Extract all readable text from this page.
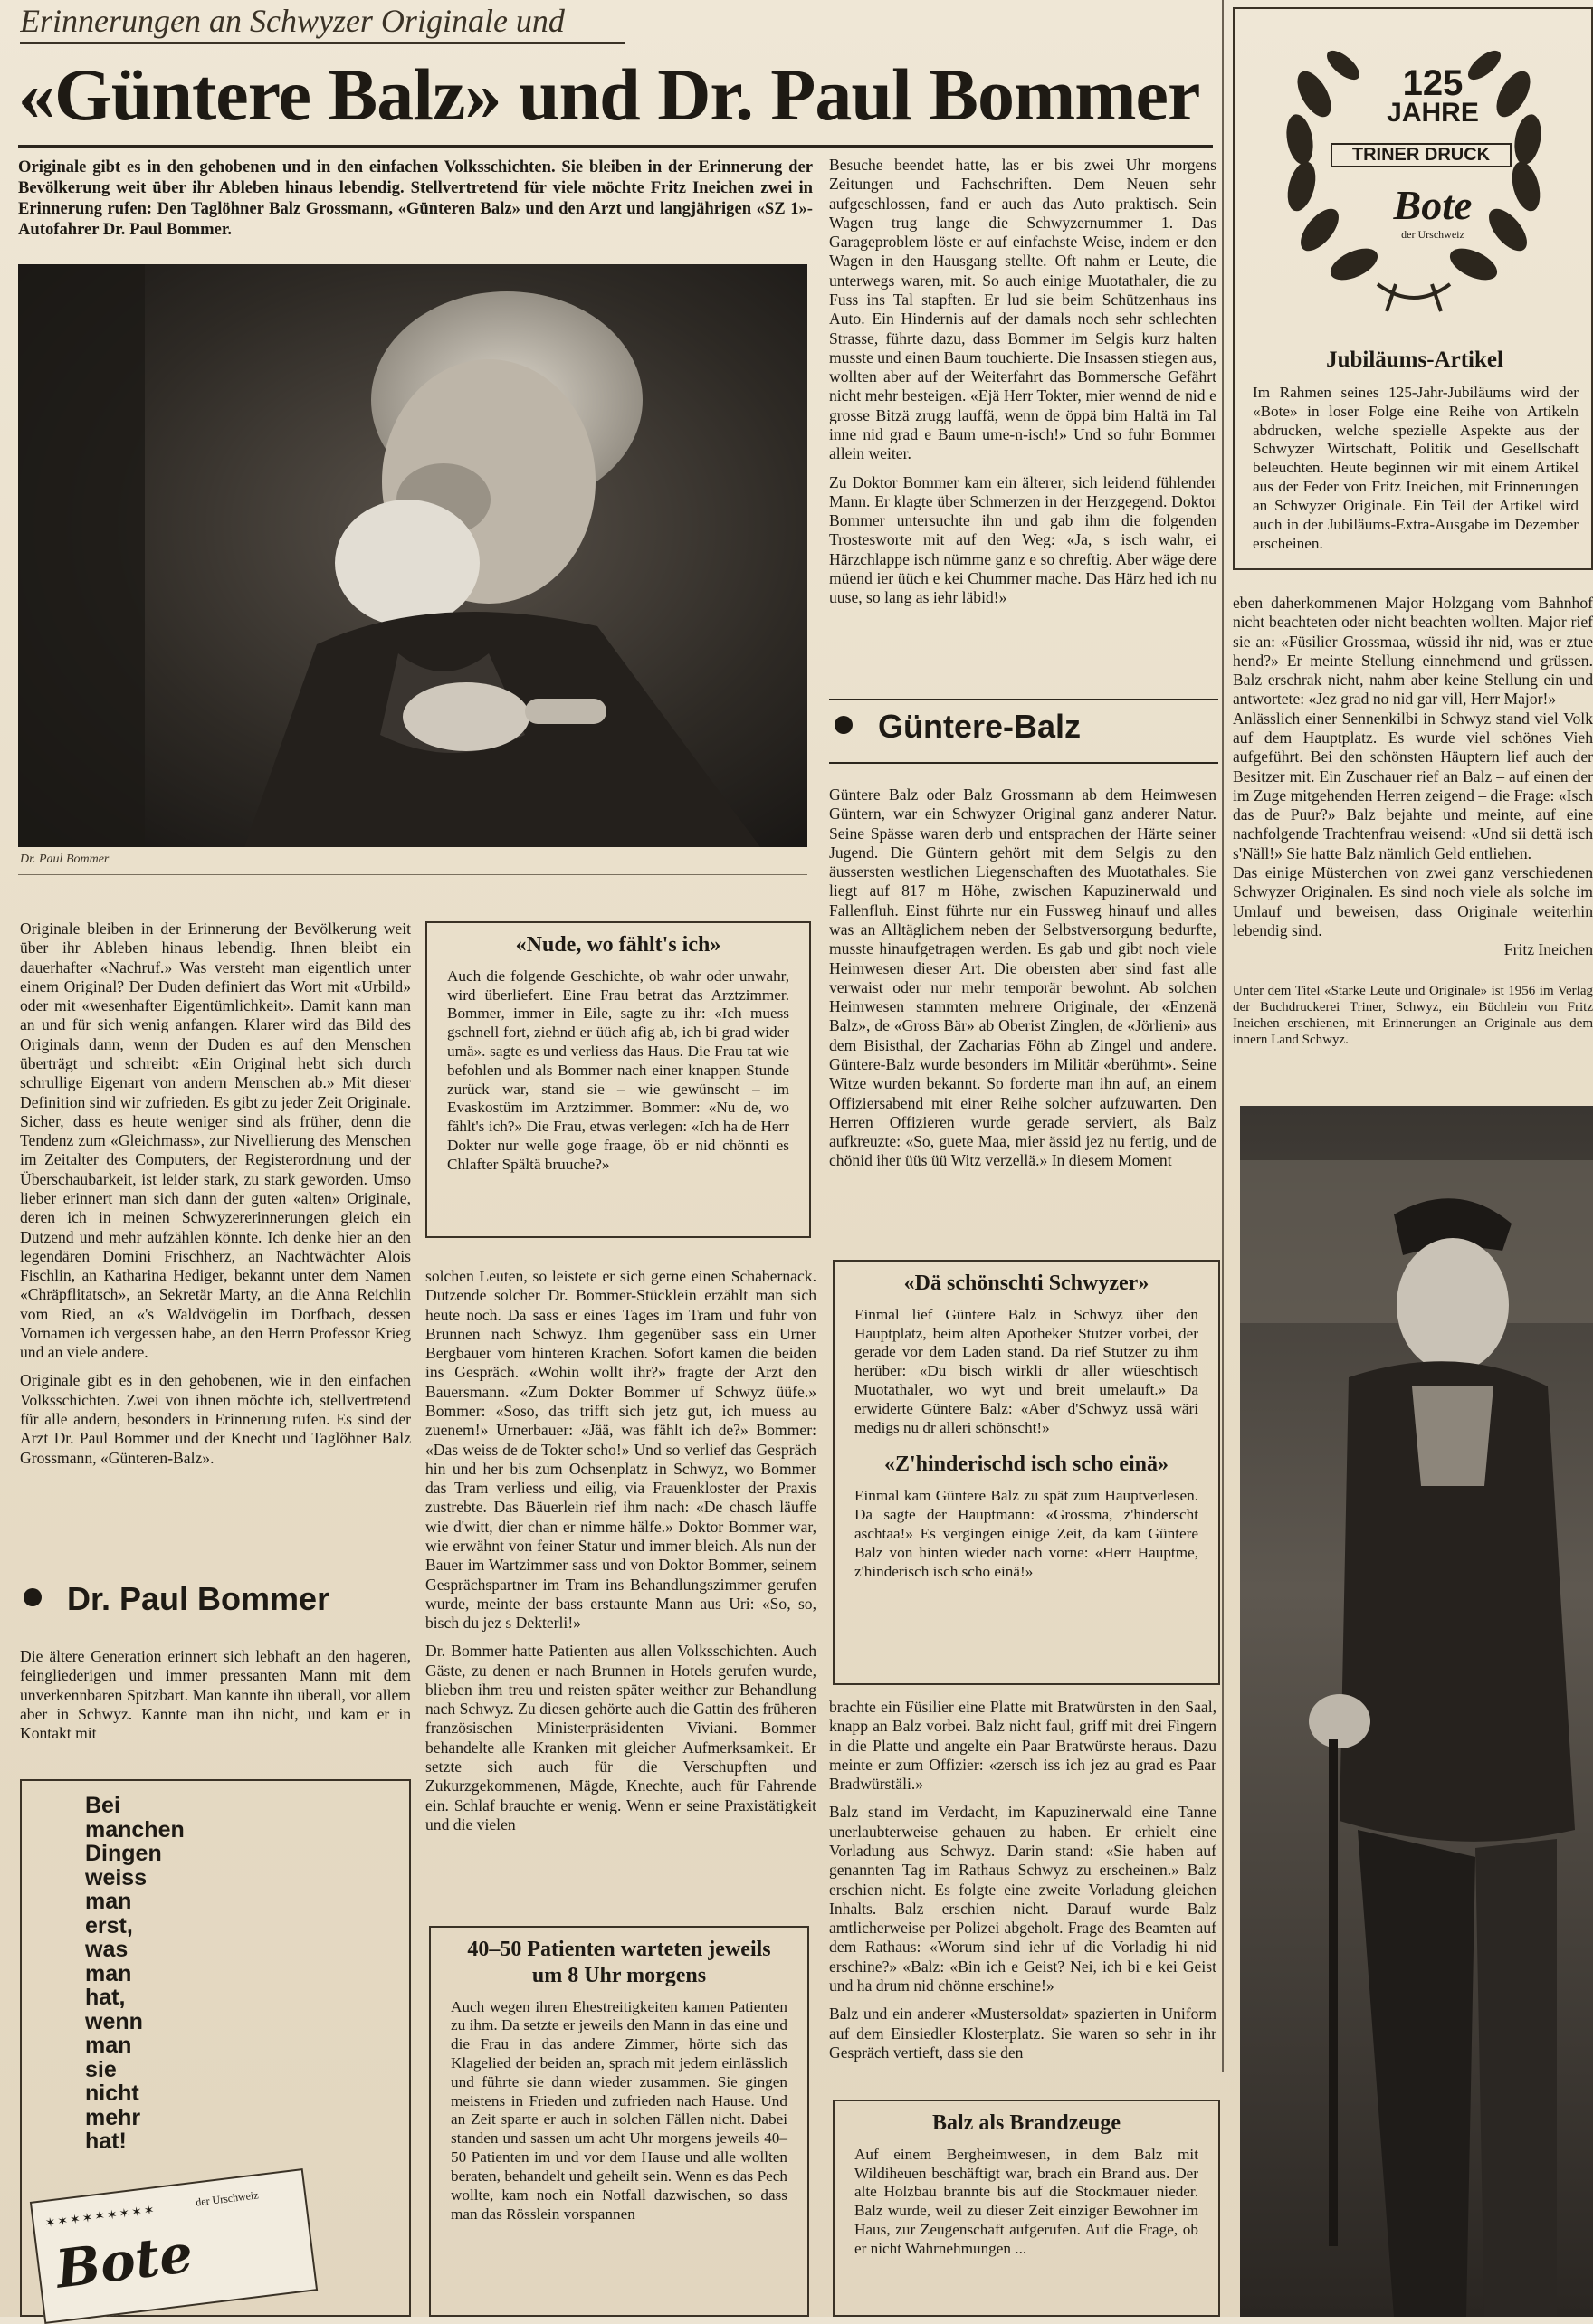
Erinnerungen an Schwyzer Originale und
«Güntere Balz» und Dr. Paul Bommer
Originale gibt es in den gehobenen und in den einfachen Volksschichten. Sie bleiben in der Erinnerung der Bevölkerung weit über ihr Ableben hinaus lebendig. Stellvertretend für viele möchte Fritz Ineichen zwei in Erinnerung rufen: Den Taglöhner Balz Grossmann, «Günteren Balz» und den Arzt und langjährigen «SZ 1»-Autofahrer Dr. Paul Bommer.
Dr. Paul Bommer

Originale bleiben in der Erinnerung der Bevölkerung weit über ihr Ableben hinaus lebendig. Ihnen bleibt ein dauerhafter «Nachruf.» Was versteht man eigentlich unter einem Original? Der Duden definiert das Wort mit «Urbild» oder mit «wesenhafter Eigentümlichkeit». Damit kann man an und für sich wenig anfangen. Klarer wird das Bild des Originals dann, wenn der Duden es auf den Menschen überträgt und schreibt: «Ein Original hebt sich durch schrullige Eigenart von andern Menschen ab.» Mit dieser Definition sind wir zufrieden. Es gibt zu jeder Zeit Originale. Sicher, dass es heute weniger sind als früher, denn die Tendenz zum «Gleichmass», zur Nivellierung des Menschen im Zeitalter des Computers, der Registerordnung und der Überschaubarkeit, ist leider stark, zu stark geworden. Umso lieber erinnert man sich dann der guten «alten» Originale, deren ich in meinen Schwyzererinnerungen gleich ein Dutzend und mehr aufzählen könnte. Ich denke hier an den legendären Domini Frischherz, an Nachtwächter Alois Fischlin, an Katharina Hediger, bekannt unter dem Namen «Chräpflitatsch», an Sekretär Marty, an die Anna Reichlin vom Ried, an «'s Waldvögelin im Dorfbach, dessen Vornamen ich vergessen habe, an den Herrn Professor Krieg und an viele andere.

Originale gibt es in den gehobenen, wie in den einfachen Volksschichten. Zwei von ihnen möchte ich, stellvertretend für alle andern, besonders in Erinnerung rufen. Es sind der Arzt Dr. Paul Bommer und der Knecht und Taglöhner Balz Grossmann, «Günteren-Balz».

Dr. Paul Bommer

Die ältere Generation erinnert sich lebhaft an den hageren, feingliederigen und immer pressanten Mann mit dem unverkennbaren Spitzbart. Man kannte ihn überall, vor allem aber in Schwyz. Kannte man ihn nicht, und kam er in Kontakt mit

Bei
manchen
Dingen
weiss
man
erst,
was
man
hat,
wenn
man
sie
nicht
mehr
hat!
Bote
der Urschweiz
✶✶✶✶✶✶✶✶✶
«Nude, wo fählt's ich»
Auch die folgende Geschichte, ob wahr oder unwahr, wird überliefert. Eine Frau betrat das Arztzimmer. Bommer, immer in Eile, sagte zu ihr: «Ich muess gschnell fort, ziehnd er üüch afig ab, ich bi grad wider umä». sagte es und verliess das Haus. Die Frau tat wie befohlen und als Bommer nach einer knappen Stunde zurück war, stand sie – wie gewünscht – im Evaskostüm im Arztzimmer. Bommer: «Nu de, wo fählt's ich?» Die Frau, etwas verlegen: «Ich ha de Herr Dokter nur welle goge fraage, öb er nid chönnti es Chlafter Spältä bruuche?»

solchen Leuten, so leistete er sich gerne einen Schabernack. Dutzende solcher Dr. Bommer-Stücklein erzählt man sich heute noch. Da sass er eines Tages im Tram und fuhr von Brunnen nach Schwyz. Ihm gegenüber sass ein Urner Bergbauer vom hinteren Krachen. Sofort kamen die beiden ins Gespräch. «Wohin wollt ihr?» fragte der Arzt den Bauersmann. «Zum Dokter Bommer uf Schwyz üüfe.» Bommer: «Soso, das trifft sich jetz gut, ich muess au zuenem!» Urnerbauer: «Jää, was fählt ich de?» Bommer: «Das weiss de de Tokter scho!» Und so verlief das Gespräch hin und her bis zum Ochsenplatz in Schwyz, wo Bommer das Tram verliess und eilig, via Frauenkloster der Praxis zustrebte. Das Bäuerlein rief ihm nach: «De chasch läuffe wie d'witt, dier chan er nimme hälfe.» Doktor Bommer war, wie erwähnt von feiner Statur und immer bleich. Als nun der Bauer im Wartzimmer sass und von Doktor Bommer, seinem Gesprächspartner im Tram ins Behandlungszimmer gerufen wurde, meinte der bass erstaunte Mann aus Uri: «So, so, bisch du jez s Dekterli!»

Dr. Bommer hatte Patienten aus allen Volksschichten. Auch Gäste, zu denen er nach Brunnen in Hotels gerufen wurde, blieben ihm treu und reisten später weither zur Behandlung nach Schwyz. Zu diesen gehörte auch die Gattin des früheren französischen Ministerpräsidenten Viviani. Bommer behandelte alle Kranken mit gleicher Aufmerksamkeit. Er setzte sich auch für die Verschupften und Zukurzgekommenen, Mägde, Knechte, auch für Fahrende ein. Schlaf brauchte er wenig. Wenn er seine Praxistätigkeit und die vielen

40–50 Patienten warteten jeweils um 8 Uhr morgens
Auch wegen ihren Ehestreitigkeiten kamen Patienten zu ihm. Da setzte er jeweils den Mann in das eine und die Frau in das andere Zimmer, hörte sich das Klagelied der beiden an, sprach mit jedem einlässlich und führte sie dann wieder zusammen. Sie gingen meistens in Frieden und zufrieden nach Hause. Und an Zeit sparte er auch in solchen Fällen nicht. Dabei standen und sassen um acht Uhr morgens jeweils 40–50 Patienten im und vor dem Hause und alle wollten beraten, behandelt und geheilt sein. Wenn es das Pech wollte, kam noch ein Notfall dazwischen, so dass man das Rösslein vorspannen

Besuche beendet hatte, las er bis zwei Uhr morgens Zeitungen und Fachschriften. Dem Neuen sehr aufgeschlossen, fand er auch das Auto praktisch. Sein Wagen trug lange die Schwyzernummer 1. Das Garageproblem löste er auf einfachste Weise, indem er den Wagen in den Hausgang stellte. Oft nahm er Leute, die unterwegs waren, mit. So auch einige Muotathaler, die zu Fuss ins Tal stapften. Er lud sie beim Schützenhaus ins Auto. Ein Hindernis auf der damals noch sehr schlechten Strasse, führte dazu, dass Bommer im Selgis kurz halten musste und einen Baum touchierte. Die Insassen stiegen aus, wollten aber auf der Weiterfahrt das Bommersche Gefährt nicht mehr besteigen. «Ejä Herr Tokter, mier wennd de nid e grosse Bitzä zrugg lauffä, wenn de öppä bim Haltä im Tal inne nid grad e Baum ume-n-isch!» Und so fuhr Bommer allein weiter.

Zu Doktor Bommer kam ein älterer, sich leidend fühlender Mann. Er klagte über Schmerzen in der Herzgegend. Doktor Bommer untersuchte ihn und gab ihm die folgenden Trostesworte mit auf den Weg: «Ja, s isch wahr, ei Härzchlappe isch nümme ganz e so chreftig. Aber wäge dere müend ier üüch e kei Chummer mache. Das Härz hed ich nu uuse, so lang as iehr läbid!»

Güntere-Balz

Güntere Balz oder Balz Grossmann ab dem Heimwesen Güntern, war ein Schwyzer Original ganz anderer Natur. Seine Spässe waren derb und entsprachen der Härte seiner Jugend. Die Güntern gehört mit dem Selgis zu den äussersten westlichen Liegenschaften des Muotathales. Sie liegt auf 817 m Höhe, zwischen Kapuzinerwald und Fallenfluh. Einst führte nur ein Fussweg hinauf und alles was an Alltäglichem neben der Selbstversorgung bedurfte, musste hinaufgetragen werden. Es gab und gibt noch viele Heimwesen dieser Art. Die obersten aber sind fast alle verwaist oder nur mehr temporär bewohnt. Ab solchen Heimwesen stammten mehrere Originale, der «Enzenä Balz», de «Gross Bär» ab Oberist Zinglen, de «Jörlieni» aus dem Bisisthal, der Zacharias Föhn ab Zingel und andere. Güntere-Balz wurde besonders im Militär «berühmt». Seine Witze wurden bekannt. So forderte man ihn auf, an einem Offiziersabend mit einer Reihe solcher aufzuwarten. Den Herren Offizieren wurde gerade serviert, als Balz aufkreuzte: «So, guete Maa, mier ässid jez nu fertig, und de chönid iher üüs üü Witz verzellä.» In diesem Moment

«Dä schönschti Schwyzer»
Einmal lief Güntere Balz in Schwyz über den Hauptplatz, beim alten Apotheker Stutzer vorbei, der gerade vor dem Laden stand. Da rief Stutzer zu ihm herüber: «Du bisch wirkli dr aller wüeschtisch Muotathaler, wo wyt und breit umelauft.» Da erwiderte Güntere Balz: «Aber d'Schwyz ussä wäri medigs nu dr alleri schönscht!»
«Z'hinderischd isch scho einä»
Einmal kam Güntere Balz zu spät zum Hauptverlesen. Da sagte der Hauptmann: «Grossma, z'hinderscht aschtaa!» Es vergingen einige Zeit, da kam Güntere Balz von hinten wieder nach vorne: «Herr Hauptme, z'hinderisch isch scho einä!»

brachte ein Füsilier eine Platte mit Bratwürsten in den Saal, knapp an Balz vorbei. Balz nicht faul, griff mit drei Fingern in die Platte und angelte ein Paar Bratwürste heraus. Dazu meinte er zum Offizier: «zersch iss ich jez au grad es Paar Bradwürstäli.»

Balz stand im Verdacht, im Kapuzinerwald eine Tanne unerlaubterweise gehauen zu haben. Er erhielt eine Vorladung aus Schwyz. Darin stand: «Sie haben auf genannten Tag im Rathaus Schwyz zu erscheinen.» Balz erschien nicht. Es folgte eine zweite Vorladung gleichen Inhalts. Balz erschien nicht. Darauf wurde Balz amtlicherweise per Polizei abgeholt. Frage des Beamten auf dem Rathaus: «Worum sind iehr uf die Vorladig hi nid erschine?» «Balz: «Bin ich e Geist? Nei, ich bi e kei Geist und ha drum nid chönne erschine!»

Balz und ein anderer «Mustersoldat» spazierten in Uniform auf dem Einsiedler Klosterplatz. Sie waren so sehr in ihr Gespräch vertieft, dass sie den

Balz als Brandzeuge
Auf einem Bergheimwesen, in dem Balz mit Wildiheuen beschäftigt war, brach ein Brand aus. Der alte Holzbau brannte bis auf die Stockmauer nieder. Balz wurde, weil zu dieser Zeit einziger Bewohner im Haus, zur Zeugenschaft aufgerufen. Auf die Frage, ob er nicht Wahrnehmungen ...
125
JAHRE
TRINER DRUCK
Bote
der Urschweiz
Jubiläums-Artikel
Im Rahmen seines 125-Jahr-Jubiläums wird der «Bote» in loser Folge eine Reihe von Artikeln abdrucken, welche spezielle Aspekte aus der Schwyzer Wirtschaft, Politik und Gesellschaft beleuchten. Heute beginnen wir mit einem Artikel aus der Feder von Fritz Ineichen, mit Erinnerungen an Schwyzer Originale. Ein Teil der Artikel wird auch in der Jubiläums-Extra-Ausgabe im Dezember erscheinen.

eben daherkommenen Major Holzgang vom Bahnhof nicht beachteten oder nicht beachten wollten. Major rief sie an: «Füsilier Grossmaa, wüssid ihr nid, was er ztue hend?» Er meinte Stellung einnehmend und grüssen. Balz erschrak nicht, nahm aber keine Stellung ein und antwortete: «Jez grad no nid gar vill, Herr Major!»

Anlässlich einer Sennenkilbi in Schwyz stand viel Volk auf dem Hauptplatz. Es wurde viel schönes Vieh aufgeführt. Bei den schönsten Häuptern lief auch der Besitzer mit. Ein Zuschauer rief an Balz – auf einen der im Zuge mitgehenden Herren zeigend – die Frage: «Isch das de Puur?» Balz bejahte und meinte, auf eine nachfolgende Trachtenfrau weisend: «Und sii dettä isch s'Näll!» Sie hatte Balz nämlich Geld entliehen.

Das einige Müsterchen von zwei ganz verschiedenen Schwyzer Originalen. Es sind noch viele als solche im Umlauf und beweisen, dass Originale weiterhin lebendig sind.

Fritz Ineichen

Unter dem Titel «Starke Leute und Originale» ist 1956 im Verlag der Buchdruckerei Triner, Schwyz, ein Büchlein von Fritz Ineichen erschienen, mit Erinnerungen an Originale aus dem innern Land Schwyz.
